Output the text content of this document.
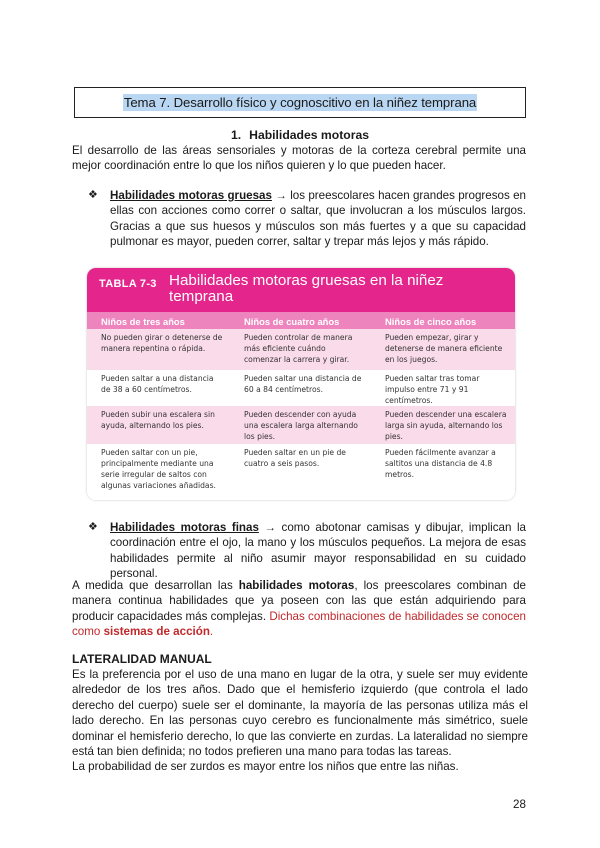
Tema 7. Desarrollo físico y cognoscitivo en la niñez temprana
1. Habilidades motoras

El desarrollo de las áreas sensoriales y motoras de la corteza cerebral permite una mejor coordinación entre lo que los niños quieren y lo que pueden hacer.

❖ Habilidades motoras gruesas → los preescolares hacen grandes progresos en ellas con acciones como correr o saltar, que involucran a los músculos largos. Gracias a que sus huesos y músculos son más fuertes y a que su capacidad pulmonar es mayor, pueden correr, saltar y trepar más lejos y más rápido.

TABLA 7-3 Habilidades motoras gruesas en la niñez temprana
Niños de tres años	Niños de cuatro años	Niños de cinco años
No pueden girar o detenerse de manera repentina o rápida.
Pueden controlar de manera más eficiente cuándo comenzar la carrera y girar.
Pueden empezar, girar y detenerse de manera eficiente en los juegos.
Pueden saltar a una distancia de 38 a 60 centímetros.
Pueden saltar una distancia de 60 a 84 centímetros.
Pueden saltar tras tomar impulso entre 71 y 91 centímetros.
Pueden subir una escalera sin ayuda, alternando los pies.
Pueden descender con ayuda una escalera larga alternando los pies.
Pueden descender una escalera larga sin ayuda, alternando los pies.
Pueden saltar con un pie, principalmente mediante una serie irregular de saltos con algunas variaciones añadidas.
Pueden saltar en un pie de cuatro a seis pasos.
Pueden fácilmente avanzar a saltitos una distancia de 4.8 metros.
❖ Habilidades motoras finas → como abotonar camisas y dibujar, implican la coordinación entre el ojo, la mano y los músculos pequeños. La mejora de esas habilidades permite al niño asumir mayor responsabilidad en su cuidado personal.

A medida que desarrollan las habilidades motoras, los preescolares combinan de manera continua habilidades que ya poseen con las que están adquiriendo para producir capacidades más complejas. Dichas combinaciones de habilidades se conocen como sistemas de acción.

LATERALIDAD MANUAL

Es la preferencia por el uso de una mano en lugar de la otra, y suele ser muy evidente alrededor de los tres años. Dado que el hemisferio izquierdo (que controla el lado derecho del cuerpo) suele ser el dominante, la mayoría de las personas utiliza más el lado derecho. En las personas cuyo cerebro es funcionalmente más simétrico, suele dominar el hemisferio derecho, lo que las convierte en zurdas. La lateralidad no siempre está tan bien definida; no todos prefieren una mano para todas las tareas.
La probabilidad de ser zurdos es mayor entre los niños que entre las niñas.

28
